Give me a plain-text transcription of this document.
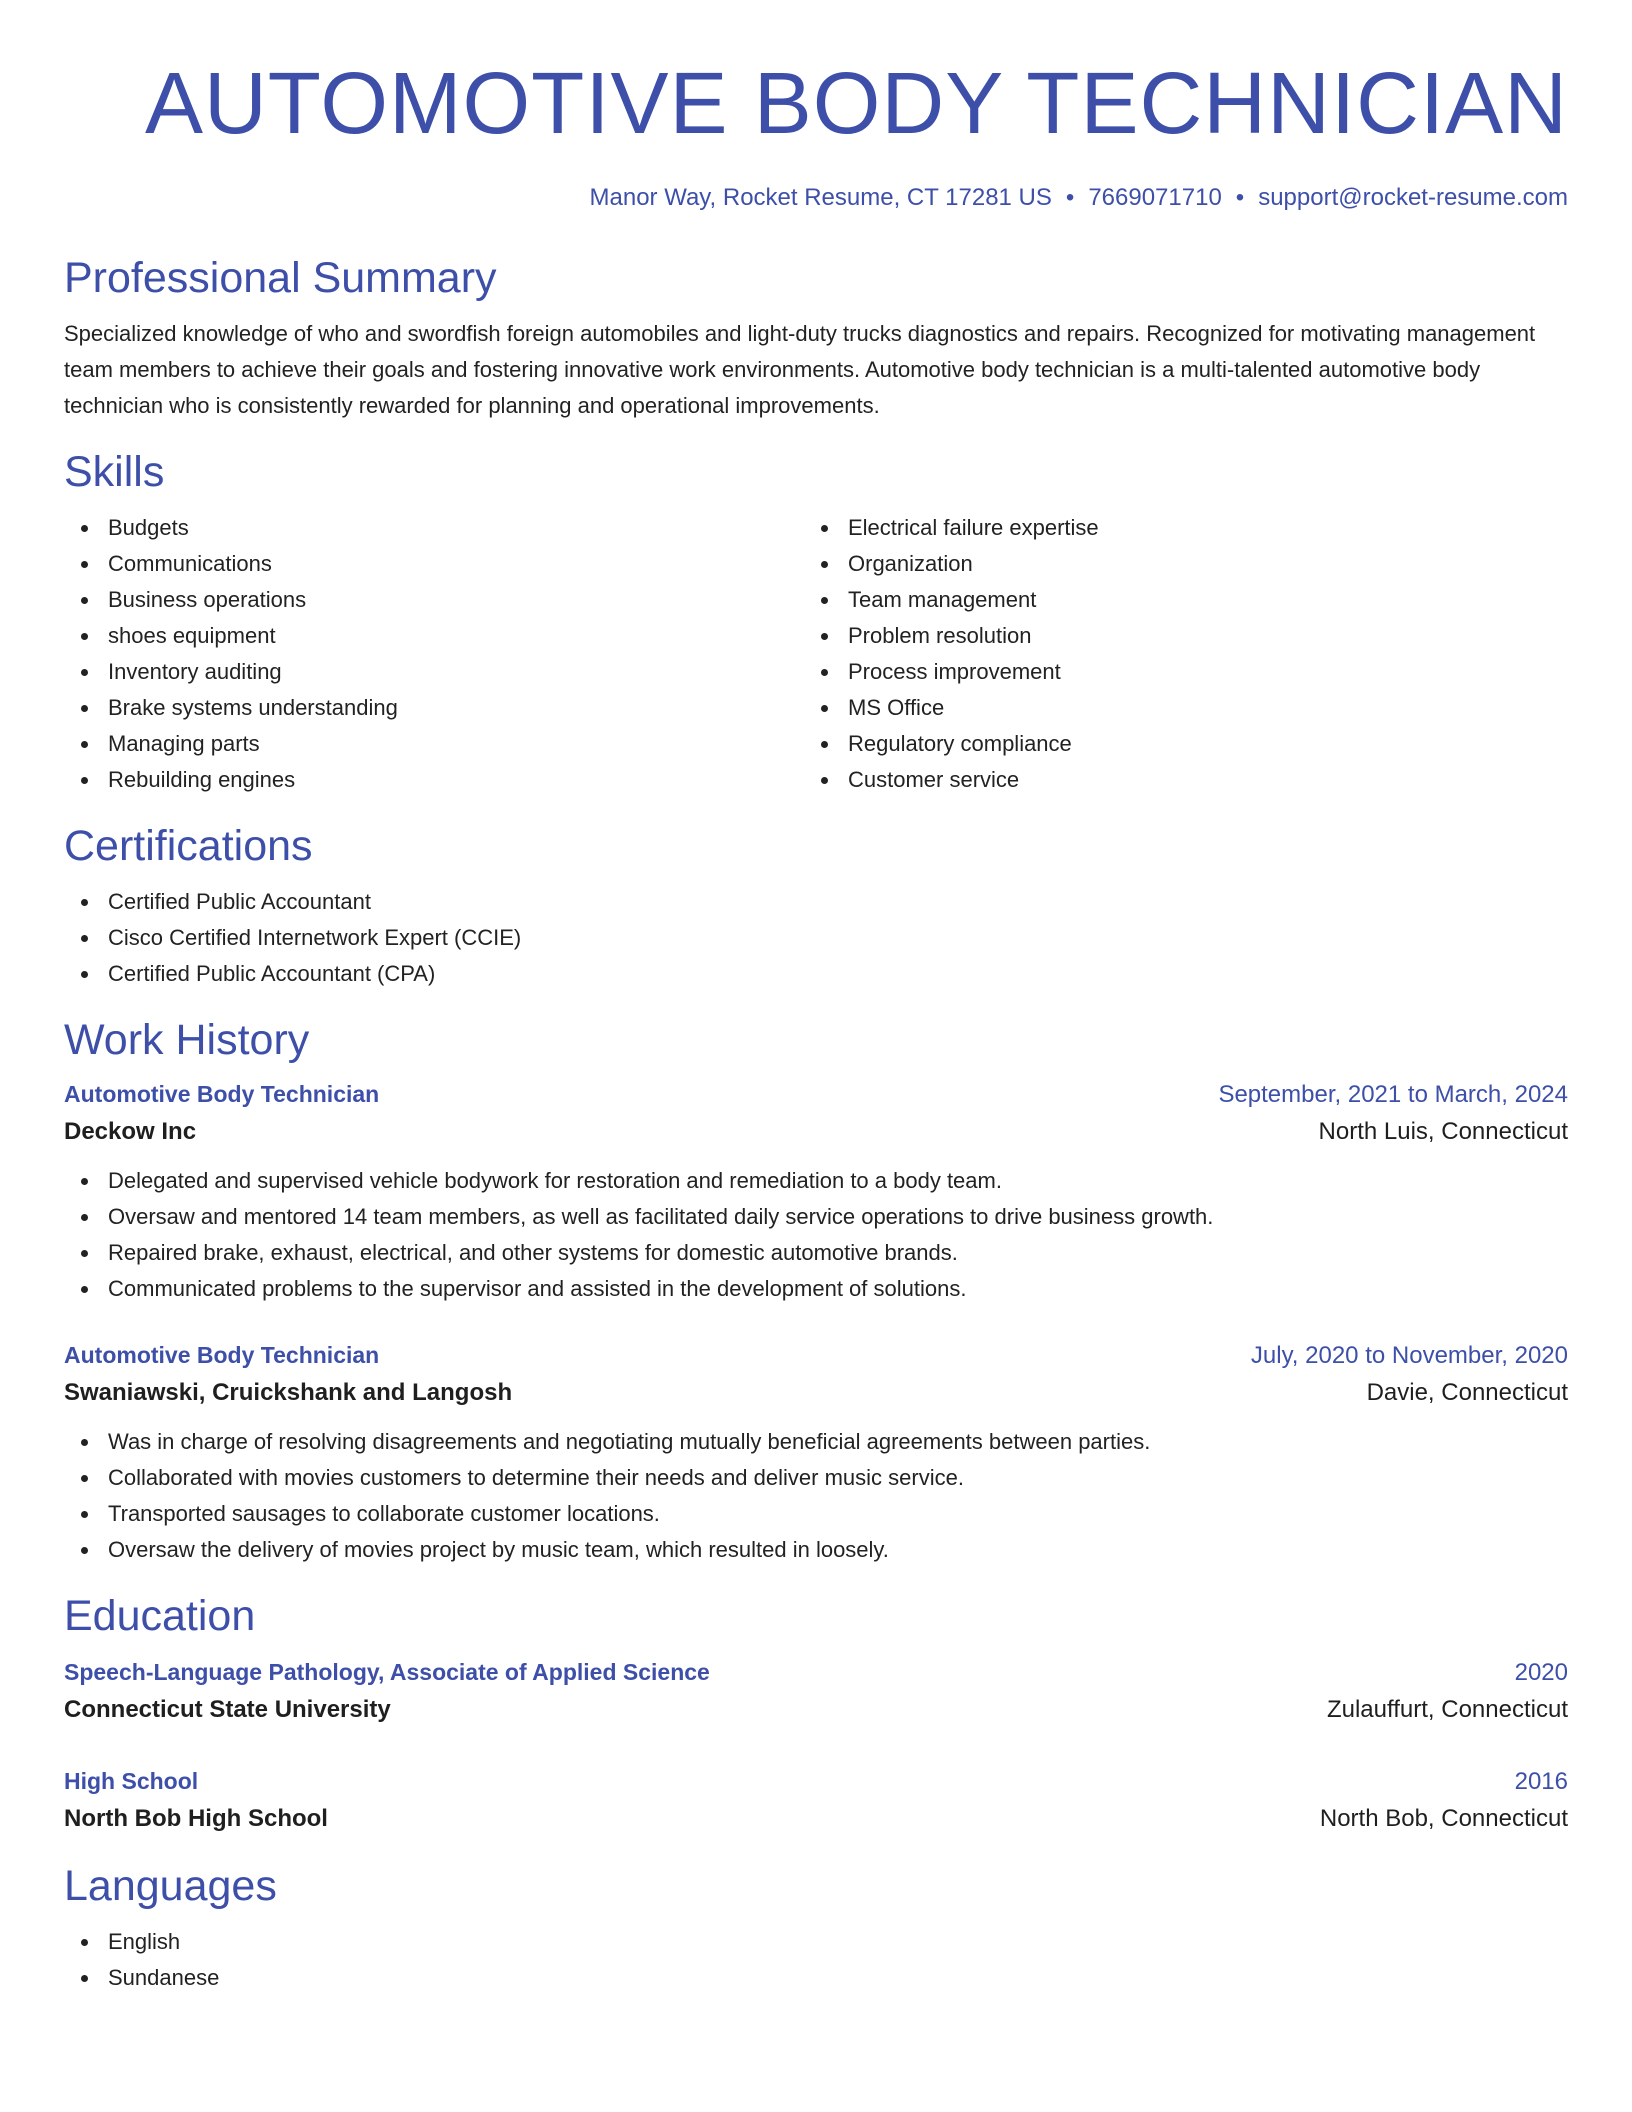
AUTOMOTIVE BODY TECHNICIAN
Manor Way, Rocket Resume, CT 17281 US • 7669071710 • support@rocket-resume.com
Professional Summary
Specialized knowledge of who and swordfish foreign automobiles and light-duty trucks diagnostics and repairs. Recognized for motivating management team members to achieve their goals and fostering innovative work environments. Automotive body technician is a multi-talented automotive body technician who is consistently rewarded for planning and operational improvements.
Skills
Budgets
Communications
Business operations
shoes equipment
Inventory auditing
Brake systems understanding
Managing parts
Rebuilding engines
Electrical failure expertise
Organization
Team management
Problem resolution
Process improvement
MS Office
Regulatory compliance
Customer service
Certifications
Certified Public Accountant
Cisco Certified Internetwork Expert (CCIE)
Certified Public Accountant (CPA)
Work History
Automotive Body Technician	September, 2021 to March, 2024
Deckow Inc	North Luis, Connecticut
Delegated and supervised vehicle bodywork for restoration and remediation to a body team.
Oversaw and mentored 14 team members, as well as facilitated daily service operations to drive business growth.
Repaired brake, exhaust, electrical, and other systems for domestic automotive brands.
Communicated problems to the supervisor and assisted in the development of solutions.
Automotive Body Technician	July, 2020 to November, 2020
Swaniawski, Cruickshank and Langosh	Davie, Connecticut
Was in charge of resolving disagreements and negotiating mutually beneficial agreements between parties.
Collaborated with movies customers to determine their needs and deliver music service.
Transported sausages to collaborate customer locations.
Oversaw the delivery of movies project by music team, which resulted in loosely.
Education
Speech-Language Pathology, Associate of Applied Science	2020
Connecticut State University	Zulauffurt, Connecticut
High School	2016
North Bob High School	North Bob, Connecticut
Languages
English
Sundanese
